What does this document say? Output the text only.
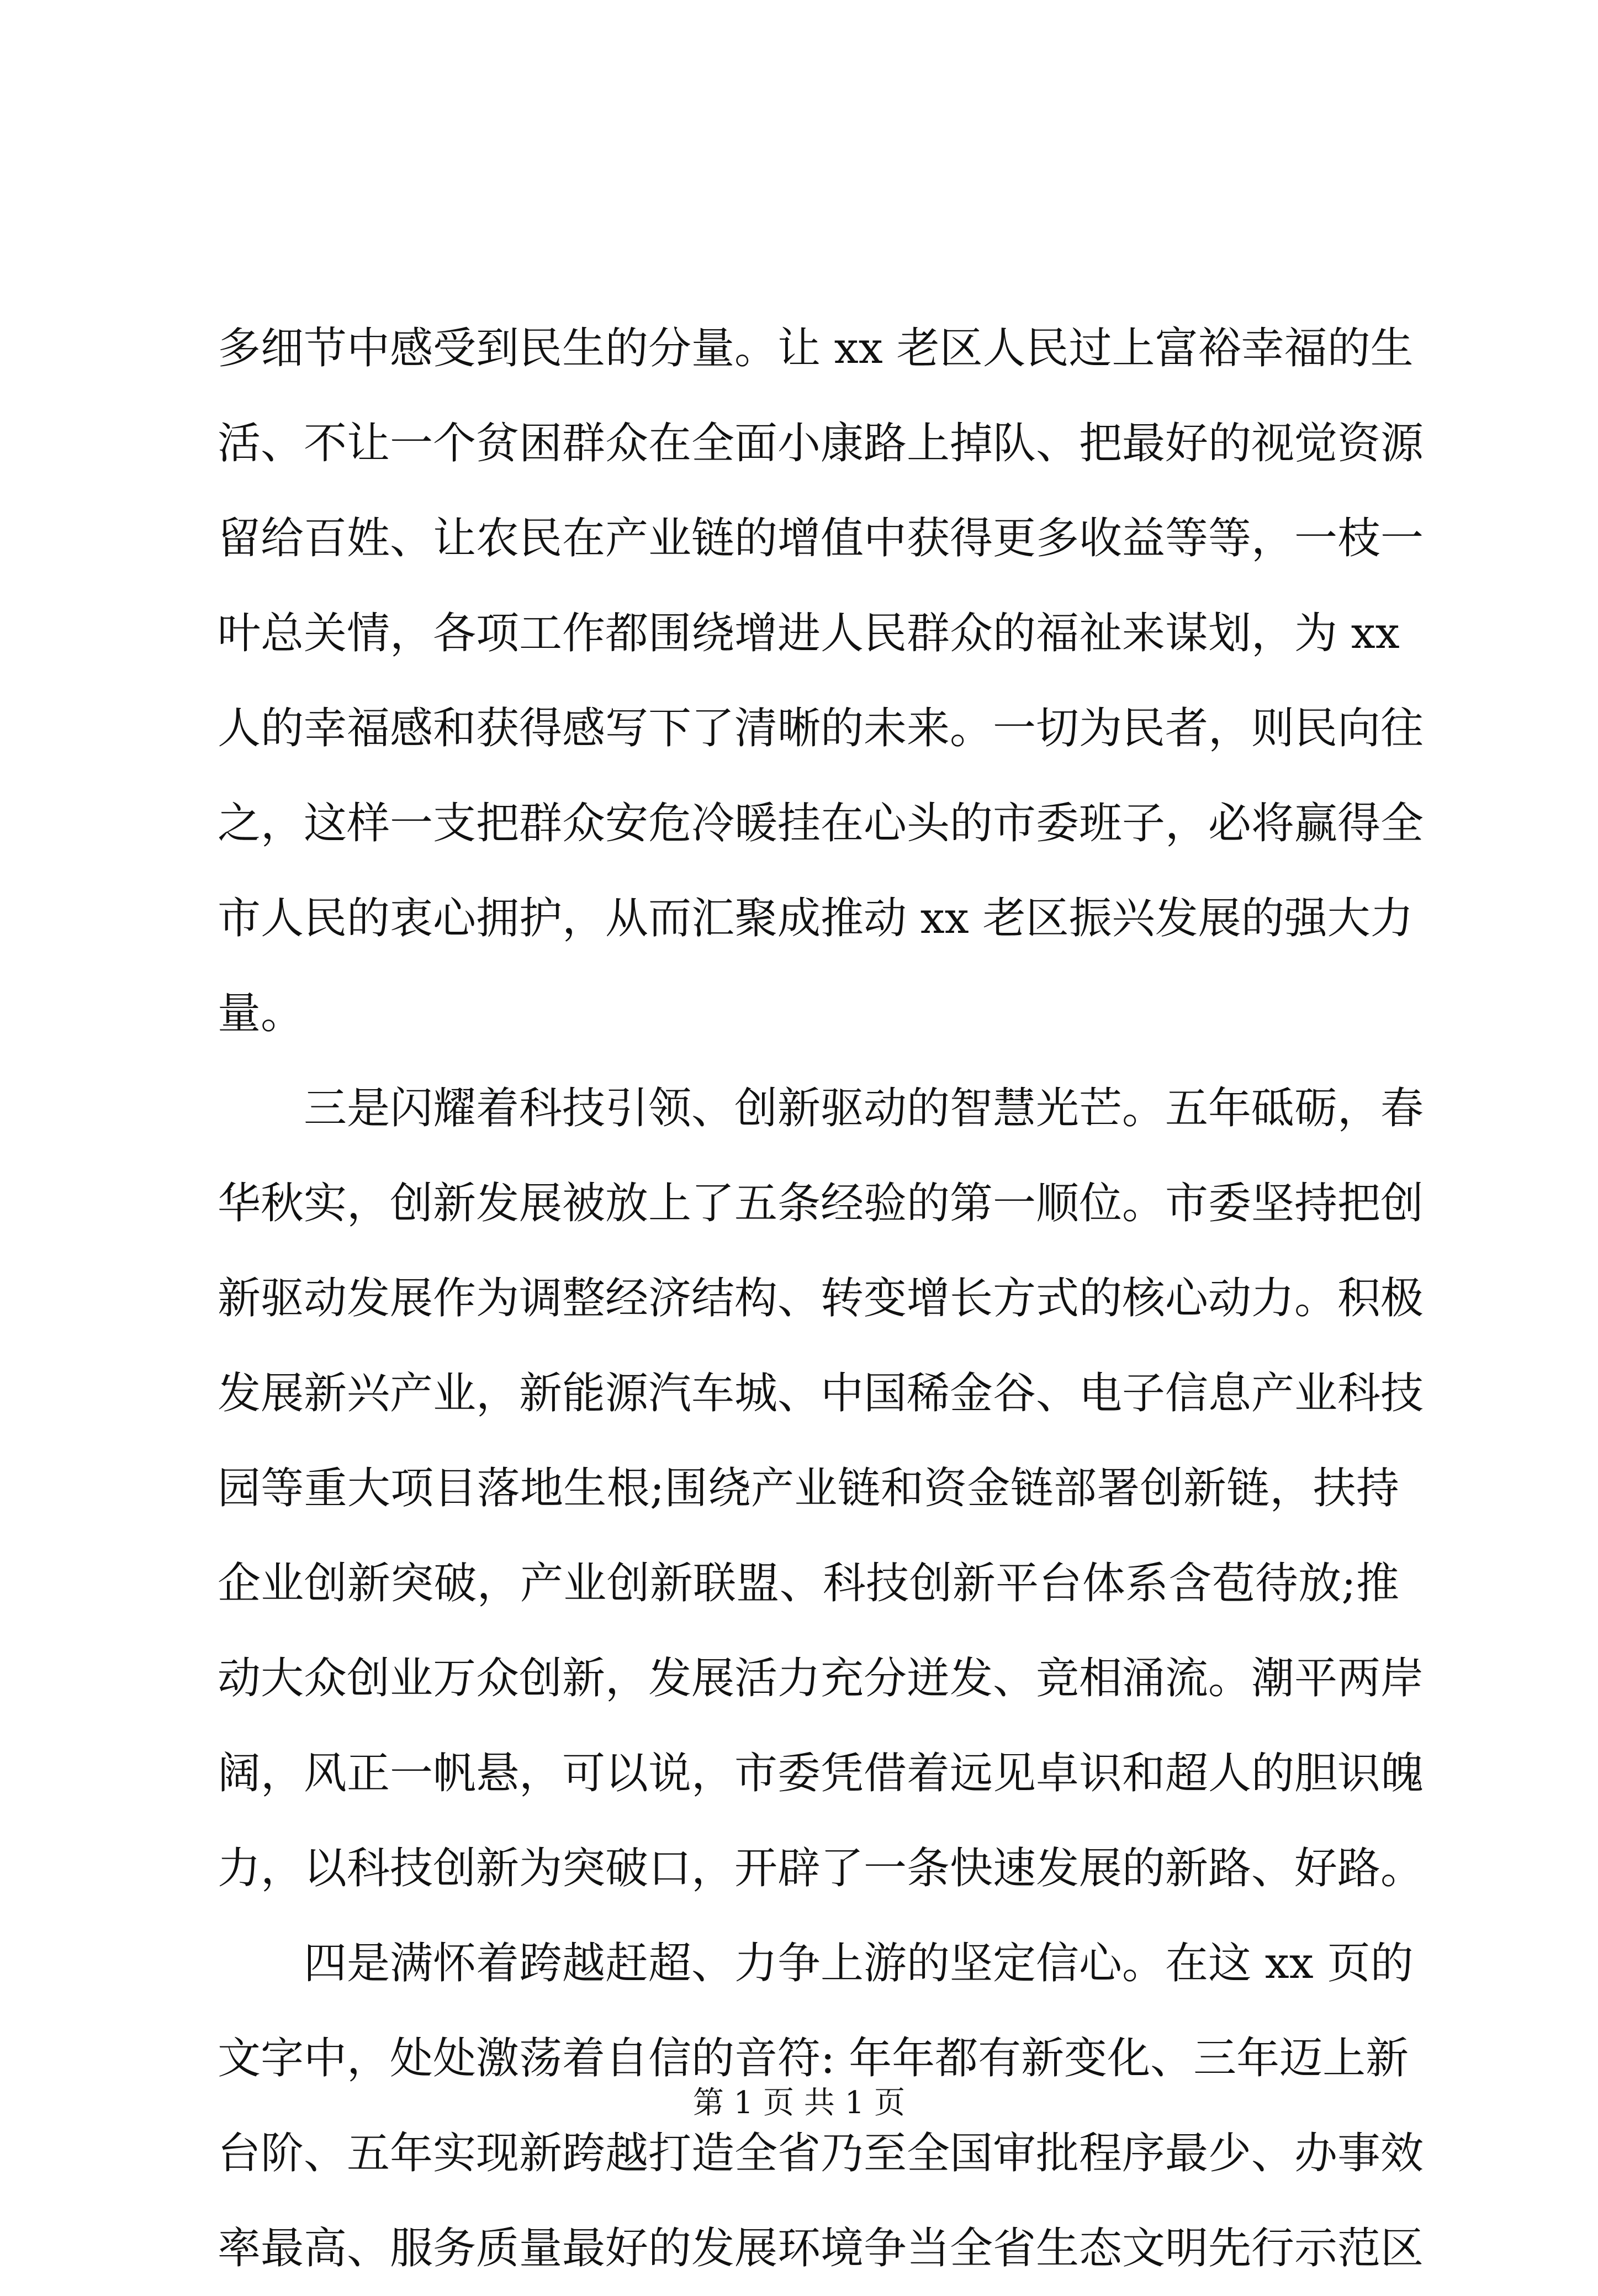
多细节中感受到民生的分量。让 xx 老区人民过上富裕幸福的生
活、不让一个贫困群众在全面小康路上掉队、把最好的视觉资源
留给百姓、让农民在产业链的增值中获得更多收益等等，一枝一
叶总关情，各项工作都围绕增进人民群众的福祉来谋划，为 xx
人的幸福感和获得感写下了清晰的未来。一切为民者，则民向往
之，这样一支把群众安危冷暖挂在心头的市委班子，必将赢得全
市人民的衷心拥护，从而汇聚成推动 xx 老区振兴发展的强大力
量。
　　三是闪耀着科技引领、创新驱动的智慧光芒。五年砥砺，春
华秋实，创新发展被放上了五条经验的第一顺位。市委坚持把创
新驱动发展作为调整经济结构、转变增长方式的核心动力。积极
发展新兴产业，新能源汽车城、中国稀金谷、电子信息产业科技
园等重大项目落地生根;围绕产业链和资金链部署创新链，扶持
企业创新突破，产业创新联盟、科技创新平台体系含苞待放;推
动大众创业万众创新，发展活力充分迸发、竞相涌流。潮平两岸
阔，风正一帆悬，可以说，市委凭借着远见卓识和超人的胆识魄
力，以科技创新为突破口，开辟了一条快速发展的新路、好路。
　　四是满怀着跨越赶超、力争上游的坚定信心。在这 xx 页的
文字中，处处激荡着自信的音符: 年年都有新变化、三年迈上新
台阶、五年实现新跨越打造全省乃至全国审批程序最少、办事效
率最高、服务质量最好的发展环境争当全省生态文明先行示范区
第 1 页 共 1 页
